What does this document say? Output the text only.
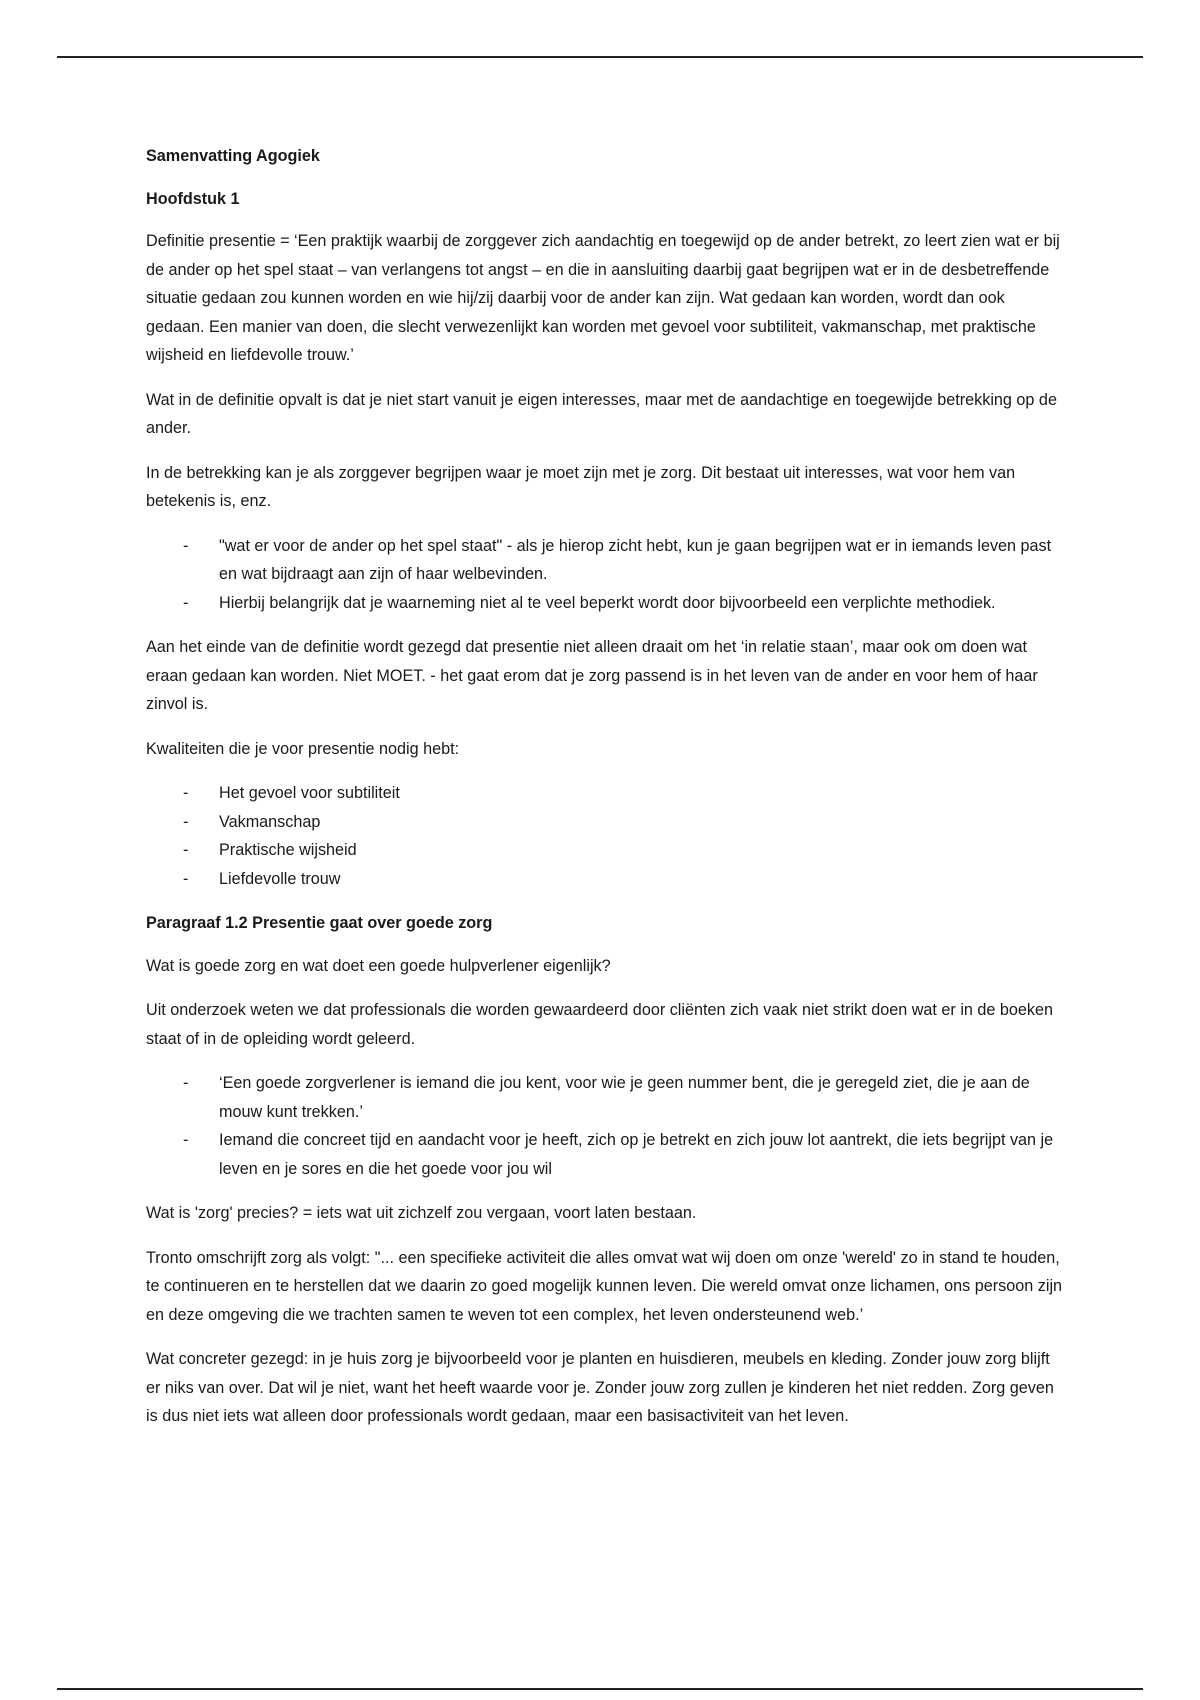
Samenvatting Agogiek

Hoofdstuk 1

Definitie presentie = ‘Een praktijk waarbij de zorggever zich aandachtig en toegewijd op de ander betrekt, zo leert zien wat er bij de ander op het spel staat – van verlangens tot angst – en die in aansluiting daarbij gaat begrijpen wat er in de desbetreffende situatie gedaan zou kunnen worden en wie hij/zij daarbij voor de ander kan zijn. Wat gedaan kan worden, wordt dan ook gedaan. Een manier van doen, die slecht verwezenlijkt kan worden met gevoel voor subtiliteit, vakmanschap, met praktische wijsheid en liefdevolle trouw.’

Wat in de definitie opvalt is dat je niet start vanuit je eigen interesses, maar met de aandachtige en toegewijde betrekking op de ander.

In de betrekking kan je als zorggever begrijpen waar je moet zijn met je zorg. Dit bestaat uit interesses, wat voor hem van betekenis is, enz.

- "wat er voor de ander op het spel staat" - als je hierop zicht hebt, kun je gaan begrijpen wat er in iemands leven past en wat bijdraagt aan zijn of haar welbevinden.
- Hierbij belangrijk dat je waarneming niet al te veel beperkt wordt door bijvoorbeeld een verplichte methodiek.

Aan het einde van de definitie wordt gezegd dat presentie niet alleen draait om het ‘in relatie staan’, maar ook om doen wat eraan gedaan kan worden. Niet MOET. - het gaat erom dat je zorg passend is in het leven van de ander en voor hem of haar zinvol is.

Kwaliteiten die je voor presentie nodig hebt:

- Het gevoel voor subtiliteit
- Vakmanschap
- Praktische wijsheid
- Liefdevolle trouw

Paragraaf 1.2 Presentie gaat over goede zorg

Wat is goede zorg en wat doet een goede hulpverlener eigenlijk?

Uit onderzoek weten we dat professionals die worden gewaardeerd door cliënten zich vaak niet strikt doen wat er in de boeken staat of in de opleiding wordt geleerd.

- ‘Een goede zorgverlener is iemand die jou kent, voor wie je geen nummer bent, die je geregeld ziet, die je aan de mouw kunt trekken.’
- Iemand die concreet tijd en aandacht voor je heeft, zich op je betrekt en zich jouw lot aantrekt, die iets begrijpt van je leven en je sores en die het goede voor jou wil

Wat is 'zorg' precies? = iets wat uit zichzelf zou vergaan, voort laten bestaan.

Tronto omschrijft zorg als volgt: "... een specifieke activiteit die alles omvat wat wij doen om onze 'wereld' zo in stand te houden, te continueren en te herstellen dat we daarin zo goed mogelijk kunnen leven. Die wereld omvat onze lichamen, ons persoon zijn en deze omgeving die we trachten samen te weven tot een complex, het leven ondersteunend web.’

Wat concreter gezegd: in je huis zorg je bijvoorbeeld voor je planten en huisdieren, meubels en kleding. Zonder jouw zorg blijft er niks van over. Dat wil je niet, want het heeft waarde voor je. Zonder jouw zorg zullen je kinderen het niet redden. Zorg geven is dus niet iets wat alleen door professionals wordt gedaan, maar een basisactiviteit van het leven.
